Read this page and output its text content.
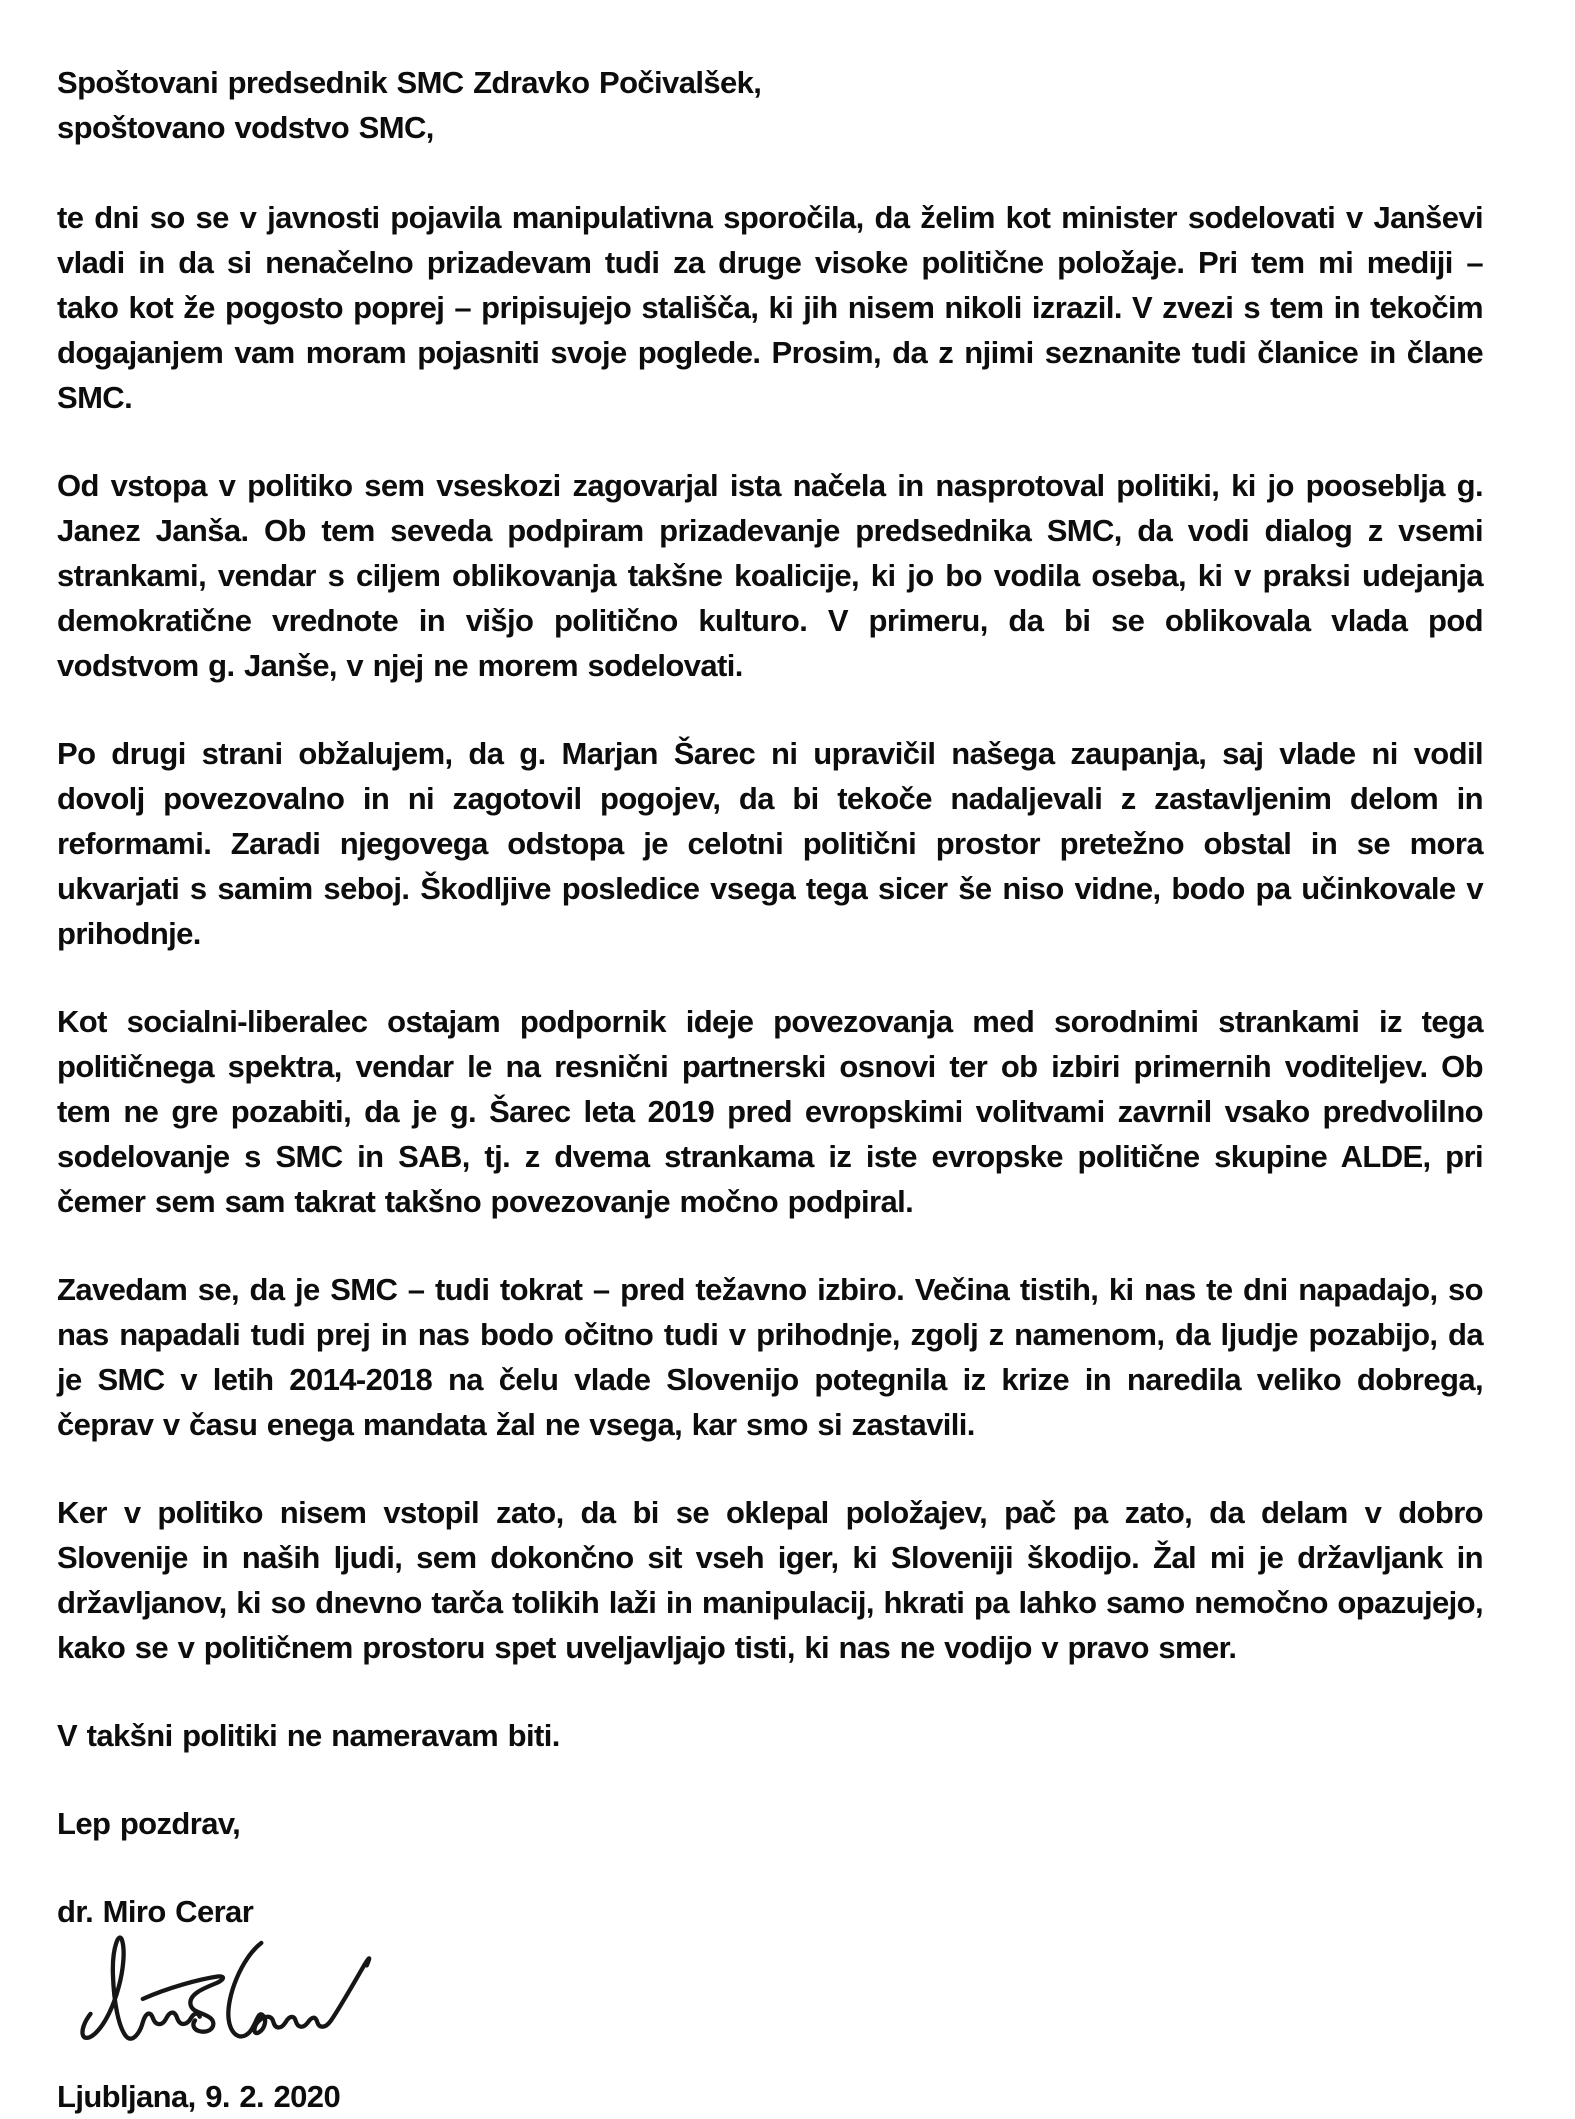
Spoštovani predsednik SMC Zdravko Počivalšek,

spoštovano vodstvo SMC,

te dni so se v javnosti pojavila manipulativna sporočila, da želim kot minister sodelovati v Janševi vladi in da si nenačelno prizadevam tudi za druge visoke politične položaje. Pri tem mi mediji – tako kot že pogosto poprej – pripisujejo stališča, ki jih nisem nikoli izrazil. V zvezi s tem in tekočim dogajanjem vam moram pojasniti svoje poglede. Prosim, da z njimi seznanite tudi članice in člane SMC.

Od vstopa v politiko sem vseskozi zagovarjal ista načela in nasprotoval politiki, ki jo pooseblja g. Janez Janša. Ob tem seveda podpiram prizadevanje predsednika SMC, da vodi dialog z vsemi strankami, vendar s ciljem oblikovanja takšne koalicije, ki jo bo vodila oseba, ki v praksi udejanja demokratične vrednote in višjo politično kulturo. V primeru, da bi se oblikovala vlada pod vodstvom g. Janše, v njej ne morem sodelovati.

Po drugi strani obžalujem, da g. Marjan Šarec ni upravičil našega zaupanja, saj vlade ni vodil dovolj povezovalno in ni zagotovil pogojev, da bi tekoče nadaljevali z zastavljenim delom in reformami. Zaradi njegovega odstopa je celotni politični prostor pretežno obstal in se mora ukvarjati s samim seboj. Škodljive posledice vsega tega sicer še niso vidne, bodo pa učinkovale v prihodnje.

Kot socialni-liberalec ostajam podpornik ideje povezovanja med sorodnimi strankami iz tega političnega spektra, vendar le na resnični partnerski osnovi ter ob izbiri primernih voditeljev. Ob tem ne gre pozabiti, da je g. Šarec leta 2019 pred evropskimi volitvami zavrnil vsako predvolilno sodelovanje s SMC in SAB, tj. z dvema strankama iz iste evropske politične skupine ALDE, pri čemer sem sam takrat takšno povezovanje močno podpiral.

Zavedam se, da je SMC – tudi tokrat – pred težavno izbiro. Večina tistih, ki nas te dni napadajo, so nas napadali tudi prej in nas bodo očitno tudi v prihodnje, zgolj z namenom, da ljudje pozabijo, da je SMC v letih 2014-2018 na čelu vlade Slovenijo potegnila iz krize in naredila veliko dobrega, čeprav v času enega mandata žal ne vsega, kar smo si zastavili.

Ker v politiko nisem vstopil zato, da bi se oklepal položajev, pač pa zato, da delam v dobro Slovenije in naših ljudi, sem dokončno sit vseh iger, ki Sloveniji škodijo. Žal mi je državljank in državljanov, ki so dnevno tarča tolikih laži in manipulacij, hkrati pa lahko samo nemočno opazujejo, kako se v političnem prostoru spet uveljavljajo tisti, ki nas ne vodijo v pravo smer.

V takšni politiki ne nameravam biti.

Lep pozdrav,

dr. Miro Cerar

Ljubljana, 9. 2. 2020
